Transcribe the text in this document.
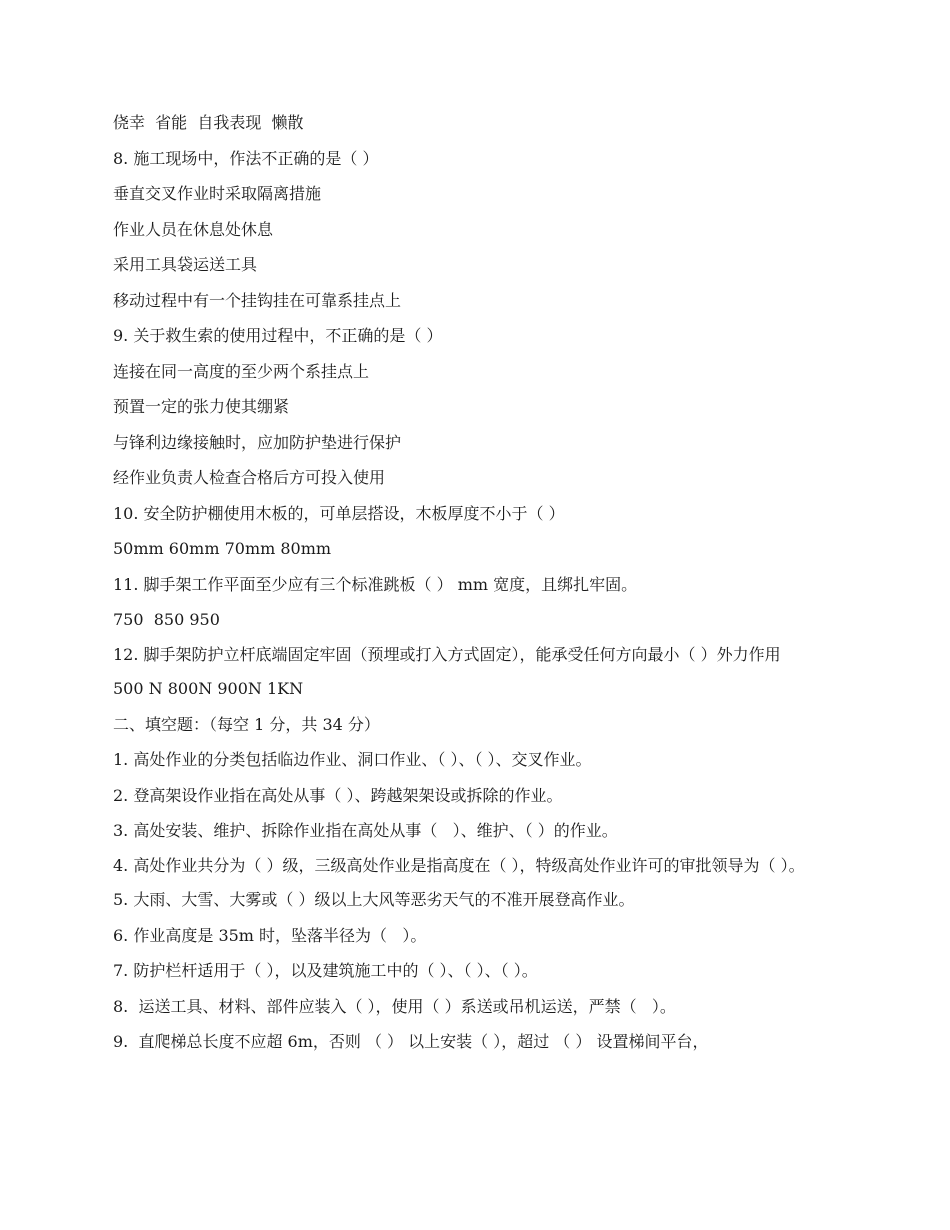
侥幸  省能  自我表现  懒散

8. 施工现场中，作法不正确的是（ ）

垂直交叉作业时采取隔离措施

作业人员在休息处休息

采用工具袋运送工具

移动过程中有一个挂钩挂在可靠系挂点上

9. 关于救生索的使用过程中，不正确的是（ ）

连接在同一高度的至少两个系挂点上

预置一定的张力使其绷紧

与锋利边缘接触时，应加防护垫进行保护

经作业负责人检查合格后方可投入使用

10. 安全防护棚使用木板的，可单层搭设，木板厚度不小于（ ）

50mm 60mm 70mm 80mm

11. 脚手架工作平面至少应有三个标准跳板（ ） mm 宽度，且绑扎牢固。

750  850 950

12. 脚手架防护立杆底端固定牢固（预埋或打入方式固定），能承受任何方向最小（ ）外力作用

500 N 800N 900N 1KN

二、填空题：（每空 1 分，共 34 分）

1. 高处作业的分类包括临边作业、洞口作业、（ ）、（ ）、交叉作业。

2. 登高架设作业指在高处从事（ ）、跨越架架设或拆除的作业。

3. 高处安装、维护、拆除作业指在高处从事（   ）、维护、（ ）的作业。

4. 高处作业共分为（ ）级，三级高处作业是指高度在（ ），特级高处作业许可的审批领导为（ ）。

5. 大雨、大雪、大雾或（ ）级以上大风等恶劣天气的不准开展登高作业。

6. 作业高度是 35m 时，坠落半径为（   ）。

7. 防护栏杆适用于（ ），以及建筑施工中的（ ）、（ ）、（ ）。

8.  运送工具、材料、部件应装入（ ），使用（ ）系送或吊机运送，严禁（   ）。

9.  直爬梯总长度不应超 6m，否则 （ ） 以上安装（ ），超过 （ ） 设置梯间平台，
